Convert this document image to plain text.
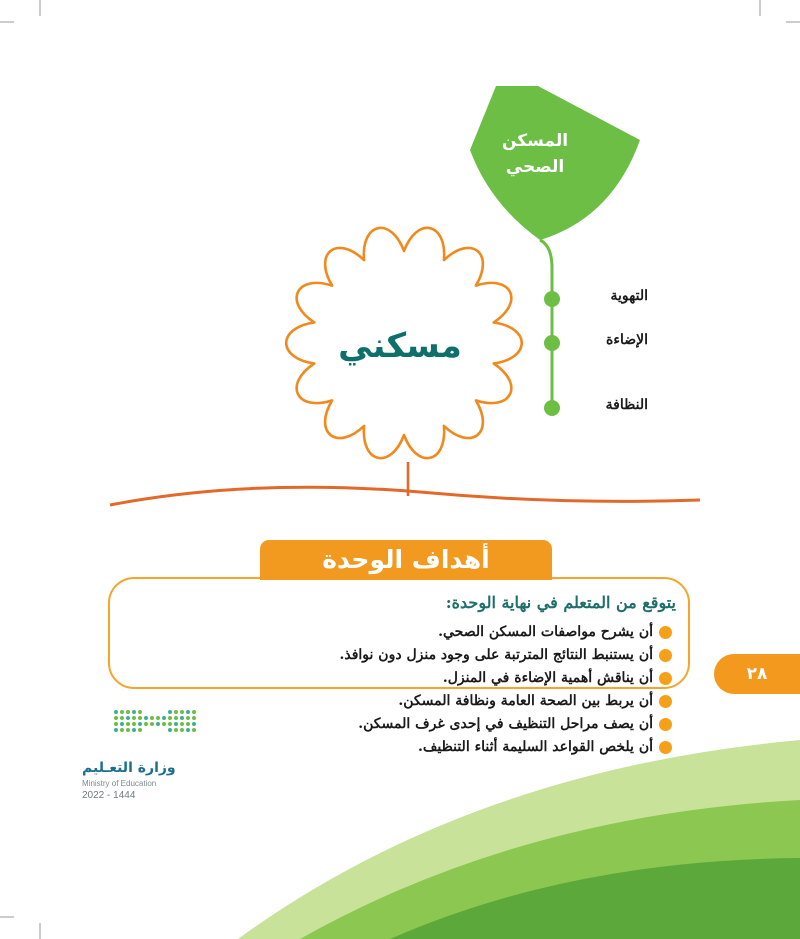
المسكن
الصحي
التهوية
الإضاءة
النظافة
مسكني
أهداف الوحدة
يتوقع من المتعلم في نهاية الوحدة:
أن يشرح مواصفات المسكن الصحي.
أن يستنبط النتائج المترتبة على وجود منزل دون نوافذ.
أن يناقش أهمية الإضاءة في المنزل.
أن يربط بين الصحة العامة ونظافة المسكن.
أن يصف مراحل التنظيف في إحدى غرف المسكن.
أن يلخص القواعد السليمة أثناء التنظيف.
٢٨
وزارة التعـليم
Ministry of Education
2022 - 1444
